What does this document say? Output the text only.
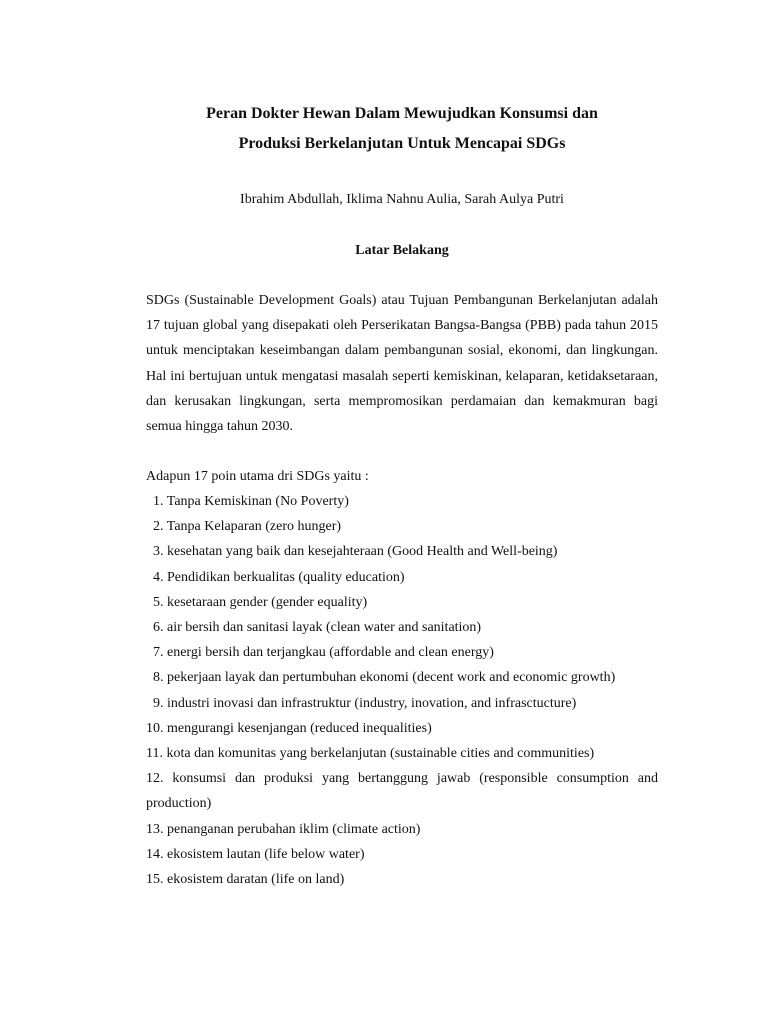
Peran Dokter Hewan Dalam Mewujudkan Konsumsi dan

Produksi Berkelanjutan Untuk Mencapai SDGs

Ibrahim Abdullah, Iklima Nahnu Aulia, Sarah Aulya Putri

Latar Belakang

SDGs (Sustainable Development Goals) atau Tujuan Pembangunan Berkelanjutan adalah 17 tujuan global yang disepakati oleh Perserikatan Bangsa-Bangsa (PBB) pada tahun 2015 untuk menciptakan keseimbangan dalam pembangunan sosial, ekonomi, dan lingkungan. Hal ini bertujuan untuk mengatasi masalah seperti kemiskinan, kelaparan, ketidaksetaraan, dan kerusakan lingkungan, serta mempromosikan perdamaian dan kemakmuran bagi semua hingga tahun 2030.

Adapun 17 poin utama dri SDGs yaitu :

1. Tanpa Kemiskinan (No Poverty)
2. Tanpa Kelaparan (zero hunger)
3. kesehatan yang baik dan kesejahteraan (Good Health and Well-being)
4. Pendidikan berkualitas (quality education)
5. kesetaraan gender (gender equality)
6. air bersih dan sanitasi layak (clean water and sanitation)
7. energi bersih dan terjangkau (affordable and clean energy)
8. pekerjaan layak dan pertumbuhan ekonomi (decent work and economic growth)
9. industri inovasi dan infrastruktur (industry, inovation, and infrasctucture)
10. mengurangi kesenjangan (reduced inequalities)
11. kota dan komunitas yang berkelanjutan (sustainable cities and communities)
12. konsumsi dan produksi yang bertanggung jawab (responsible consumption and production)
13. penanganan perubahan iklim (climate action)
14. ekosistem lautan (life below water)
15. ekosistem daratan (life on land)
